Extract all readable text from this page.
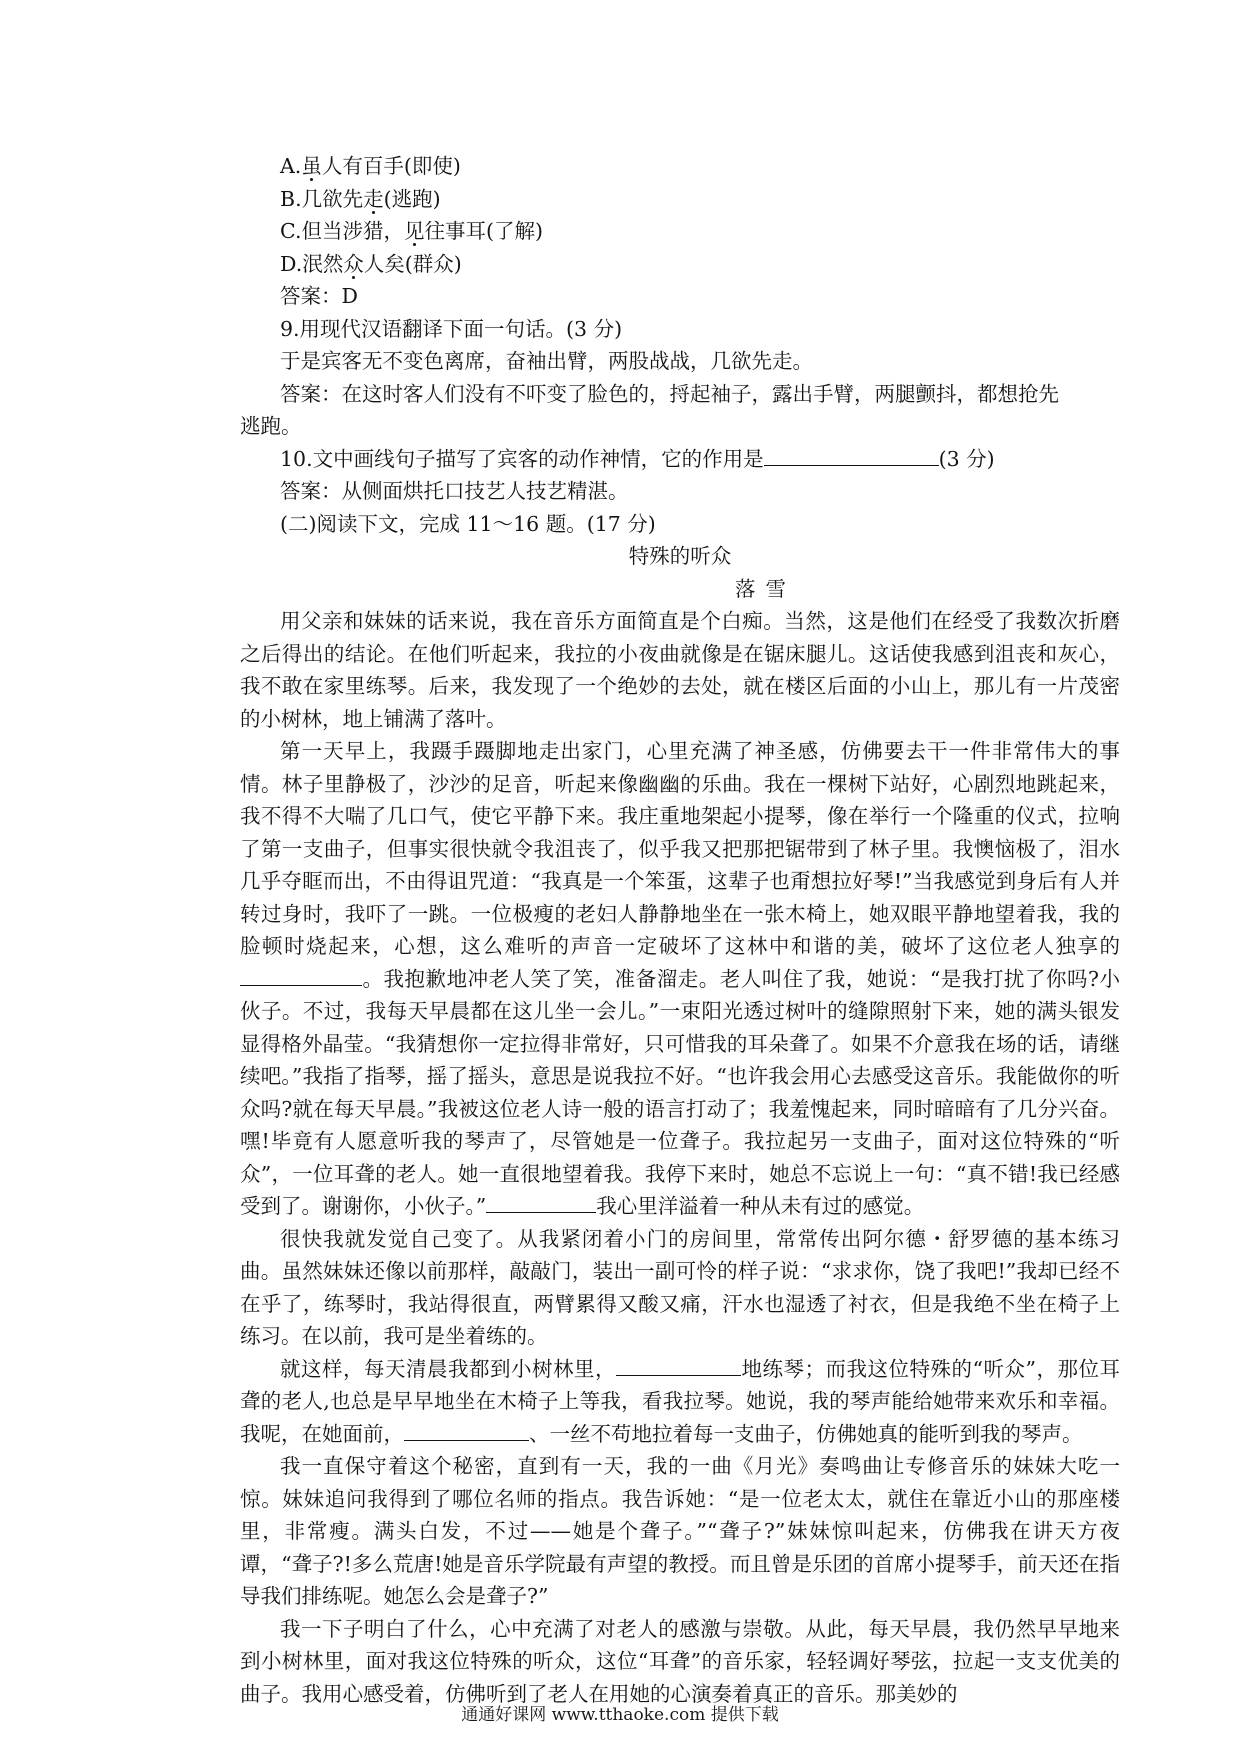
A.虽人有百手(即使)
B.几欲先走(逃跑)
C.但当涉猎，见往事耳(了解)
D.泯然众人矣(群众)
答案：D
9.用现代汉语翻译下面一句话。(3 分)
于是宾客无不变色离席，奋袖出臂，两股战战，几欲先走。
答案：在这时客人们没有不吓变了脸色的，捋起袖子，露出手臂，两腿颤抖，都想抢先
逃跑。
10.文中画线句子描写了宾客的动作神情，它的作用是	(3 分)
答案：从侧面烘托口技艺人技艺精湛。
(二)阅读下文，完成 11～16 题。(17 分)

特殊的听众

落雪

用父亲和妹妹的话来说，我在音乐方面简直是个白痴。当然，这是他们在经受了我数次折磨之后得出的结论。在他们听起来，我拉的小夜曲就像是在锯床腿儿。这话使我感到沮丧和灰心，我不敢在家里练琴。后来，我发现了一个绝妙的去处，就在楼区后面的小山上，那儿有一片茂密的小树林，地上铺满了落叶。

第一天早上，我蹑手蹑脚地走出家门，心里充满了神圣感，仿佛要去干一件非常伟大的事情。林子里静极了，沙沙的足音，听起来像幽幽的乐曲。我在一棵树下站好，心剧烈地跳起来，我不得不大喘了几口气，使它平静下来。我庄重地架起小提琴，像在举行一个隆重的仪式，拉响了第一支曲子，但事实很快就令我沮丧了，似乎我又把那把锯带到了林子里。我懊恼极了，泪水几乎夺眶而出，不由得诅咒道：“我真是一个笨蛋，这辈子也甭想拉好琴!”当我感觉到身后有人并转过身时，我吓了一跳。一位极瘦的老妇人静静地坐在一张木椅上，她双眼平静地望着我，我的脸顿时烧起来，心想，这么难听的声音一定破坏了这林中和谐的美，破坏了这位老人独享的。我抱歉地冲老人笑了笑，准备溜走。老人叫住了我，她说：“是我打扰了你吗?小伙子。不过，我每天早晨都在这儿坐一会儿。”一束阳光透过树叶的缝隙照射下来，她的满头银发显得格外晶莹。“我猜想你一定拉得非常好，只可惜我的耳朵聋了。如果不介意我在场的话，请继续吧。”我指了指琴，摇了摇头，意思是说我拉不好。“也许我会用心去感受这音乐。我能做你的听众吗?就在每天早晨。”我被这位老人诗一般的语言打动了；我羞愧起来，同时暗暗有了几分兴奋。嘿!毕竟有人愿意听我的琴声了，尽管她是一位聋子。我拉起另一支曲子，面对这位特殊的“听众”，一位耳聋的老人。她一直很地望着我。我停下来时，她总不忘说上一句：“真不错!我已经感受到了。谢谢你，小伙子。”	我心里洋溢着一种从未有过的感觉。

很快我就发觉自己变了。从我紧闭着小门的房间里，常常传出阿尔德・舒罗德的基本练习曲。虽然妹妹还像以前那样，敲敲门，装出一副可怜的样子说：“求求你，饶了我吧!”我却已经不在乎了，练琴时，我站得很直，两臂累得又酸又痛，汗水也湿透了衬衣，但是我绝不坐在椅子上练习。在以前，我可是坐着练的。

就这样，每天清晨我都到小树林里，	地练琴；而我这位特殊的“听众”，那位耳聋的老人,也总是早早地坐在木椅子上等我，看我拉琴。她说，我的琴声能给她带来欢乐和幸福。我呢，在她面前，	、一丝不苟地拉着每一支曲子，仿佛她真的能听到我的琴声。

我一直保守着这个秘密，直到有一天，我的一曲《月光》奏鸣曲让专修音乐的妹妹大吃一惊。妹妹追问我得到了哪位名师的指点。我告诉她：“是一位老太太，就住在靠近小山的那座楼里，非常瘦。满头白发，不过——她是个聋子。”“聋子?”妹妹惊叫起来，仿佛我在讲天方夜谭，“聋子?!多么荒唐!她是音乐学院最有声望的教授。而且曾是乐团的首席小提琴手，前天还在指导我们排练呢。她怎么会是聋子?”

我一下子明白了什么，心中充满了对老人的感激与崇敬。从此，每天早晨，我仍然早早地来到小树林里，面对我这位特殊的听众，这位“耳聋”的音乐家，轻轻调好琴弦，拉起一支支优美的曲子。我用心感受着，仿佛听到了老人在用她的心演奏着真正的音乐。那美妙的

通通好课网 www.tthaoke.com 提供下载
